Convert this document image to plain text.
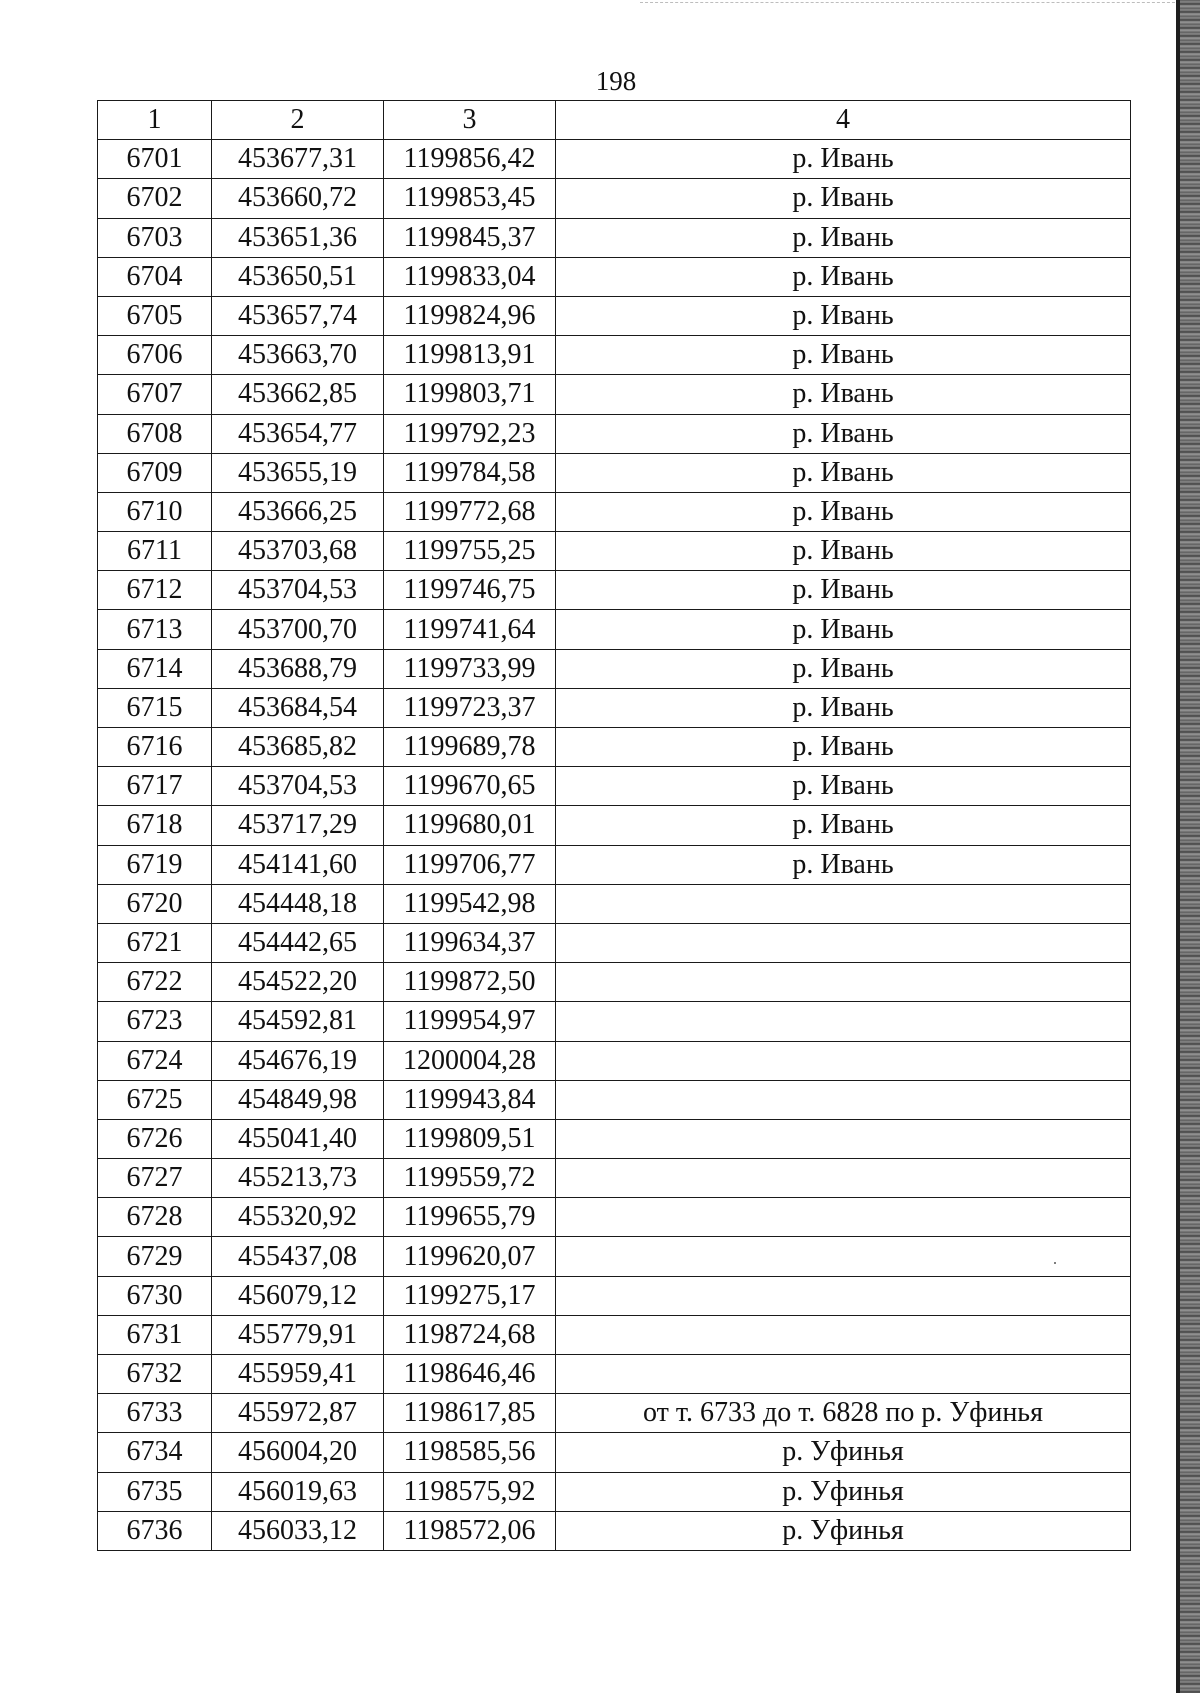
198
1	2	3	4
6701	453677,31	1199856,42	р. Ивань
6702	453660,72	1199853,45	р. Ивань
6703	453651,36	1199845,37	р. Ивань
6704	453650,51	1199833,04	р. Ивань
6705	453657,74	1199824,96	р. Ивань
6706	453663,70	1199813,91	р. Ивань
6707	453662,85	1199803,71	р. Ивань
6708	453654,77	1199792,23	р. Ивань
6709	453655,19	1199784,58	р. Ивань
6710	453666,25	1199772,68	р. Ивань
6711	453703,68	1199755,25	р. Ивань
6712	453704,53	1199746,75	р. Ивань
6713	453700,70	1199741,64	р. Ивань
6714	453688,79	1199733,99	р. Ивань
6715	453684,54	1199723,37	р. Ивань
6716	453685,82	1199689,78	р. Ивань
6717	453704,53	1199670,65	р. Ивань
6718	453717,29	1199680,01	р. Ивань
6719	454141,60	1199706,77	р. Ивань
6720	454448,18	1199542,98	
6721	454442,65	1199634,37	
6722	454522,20	1199872,50	
6723	454592,81	1199954,97	
6724	454676,19	1200004,28	
6725	454849,98	1199943,84	
6726	455041,40	1199809,51	
6727	455213,73	1199559,72	
6728	455320,92	1199655,79	
6729	455437,08	1199620,07	
6730	456079,12	1199275,17	
6731	455779,91	1198724,68	
6732	455959,41	1198646,46	
6733	455972,87	1198617,85	от т. 6733 до т. 6828 по р. Уфинья
6734	456004,20	1198585,56	р. Уфинья
6735	456019,63	1198575,92	р. Уфинья
6736	456033,12	1198572,06	р. Уфинья
